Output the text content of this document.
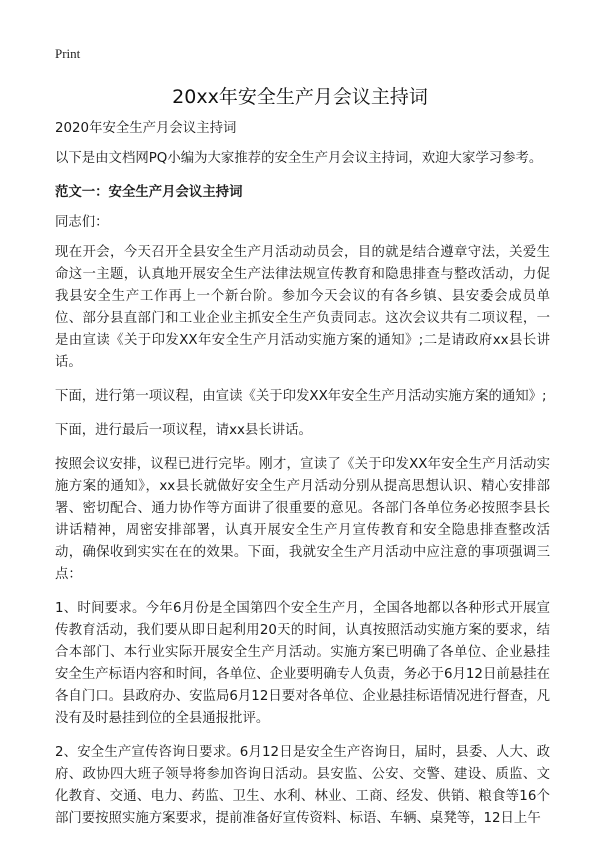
Print
20xx年安全生产月会议主持词

2020年安全生产月会议主持词

以下是由文档网PQ小编为大家推荐的安全生产月会议主持词，欢迎大家学习参考。

范文一：安全生产月会议主持词

同志们：

现在开会，今天召开全县安全生产月活动动员会，目的就是结合遵章守法，关爱生命这一主题，认真地开展安全生产法律法规宣传教育和隐患排查与整改活动，力促我县安全生产工作再上一个新台阶。参加今天会议的有各乡镇、县安委会成员单位、部分县直部门和工业企业主抓安全生产负责同志。这次会议共有二项议程，一是由宣读《关于印发XX年安全生产月活动实施方案的通知》;二是请政府xx县长讲话。

下面，进行第一项议程，由宣读《关于印发XX年安全生产月活动实施方案的通知》;

下面，进行最后一项议程，请xx县长讲话。

按照会议安排，议程已进行完毕。刚才，宣读了《关于印发XX年安全生产月活动实施方案的通知》，xx县长就做好安全生产月活动分别从提高思想认识、精心安排部署、密切配合、通力协作等方面讲了很重要的意见。各部门各单位务必按照李县长讲话精神，周密安排部署，认真开展安全生产月宣传教育和安全隐患排查整改活动，确保收到实实在在的效果。下面，我就安全生产月活动中应注意的事项强调三点：

1、时间要求。今年6月份是全国第四个安全生产月，全国各地都以各种形式开展宣传教育活动，我们要从即日起利用20天的时间，认真按照活动实施方案的要求，结合本部门、本行业实际开展安全生产月活动。实施方案已明确了各单位、企业悬挂安全生产标语内容和时间，各单位、企业要明确专人负责，务必于6月12日前悬挂在各自门口。县政府办、安监局6月12日要对各单位、企业悬挂标语情况进行督查，凡没有及时悬挂到位的全县通报批评。

2、安全生产宣传咨询日要求。6月12日是安全生产咨询日，届时，县委、人大、政府、政协四大班子领导将参加咨询日活动。县安监、公安、交警、建设、质监、文化教育、交通、电力、药监、卫生、水利、林业、工商、经发、供销、粮食等16个部门要按照实施方案要求，提前准备好宣传资料、标语、车辆、桌凳等，12日上午
